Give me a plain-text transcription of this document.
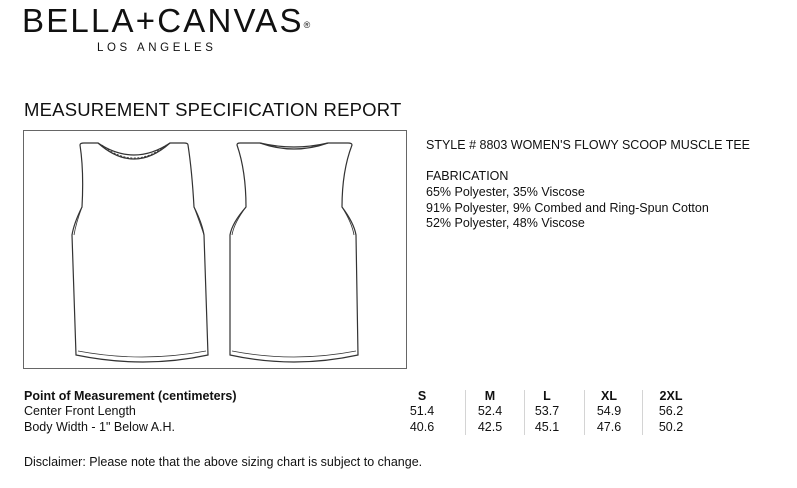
BELLA+CANVAS®
LOS ANGELES
MEASUREMENT SPECIFICATION REPORT
STYLE # 8803 WOMEN'S FLOWY SCOOP MUSCLE TEE
FABRICATION
65% Polyester, 35% Viscose
91% Polyester, 9% Combed and Ring-Spun Cotton
52% Polyester, 48% Viscose
Point of Measurement (centimeters)	S	M	L	XL	2XL
Center Front Length	51.4	52.4	53.7	54.9	56.2
Body Width - 1" Below A.H.	40.6	42.5	45.1	47.6	50.2
Disclaimer: Please note that the above sizing chart is subject to change.
